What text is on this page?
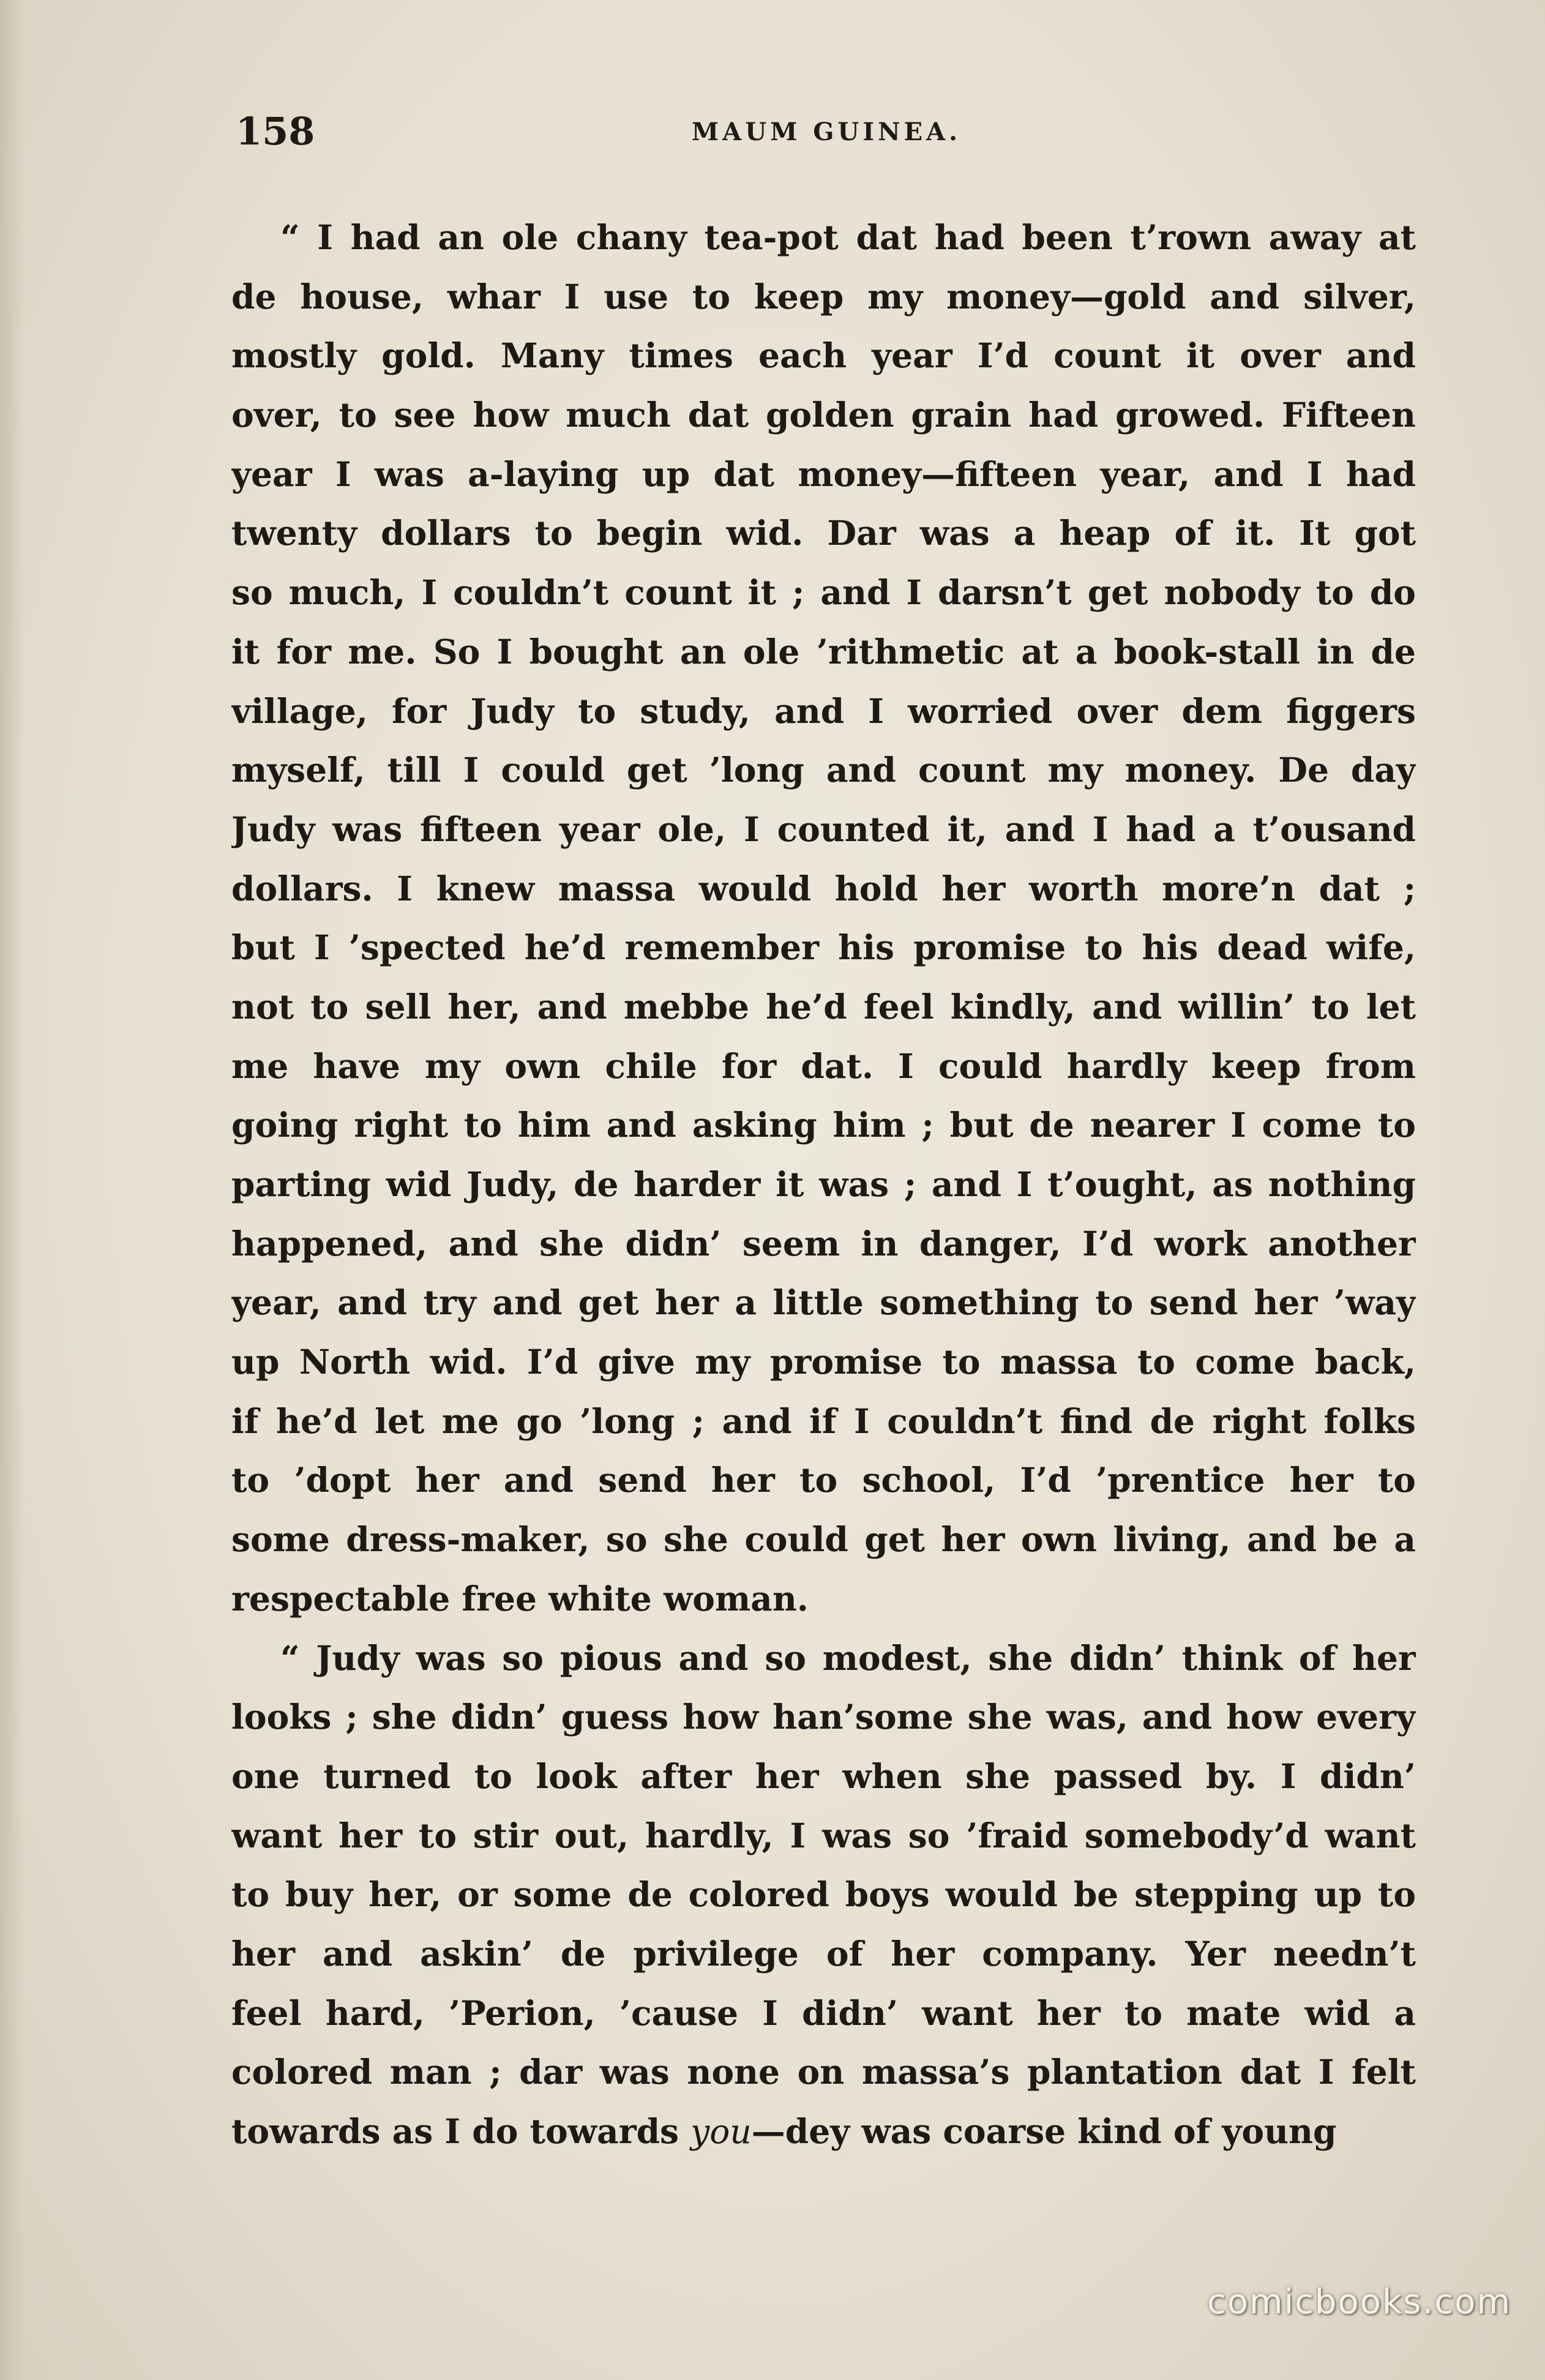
158	MAUM GUINEA.
“ I had an ole chany tea-pot dat had been t’rown away at
de house, whar I use to keep my money—gold and silver,
mostly gold. Many times each year I’d count it over and
over, to see how much dat golden grain had growed. Fifteen
year I was a-laying up dat money—fifteen year, and I had
twenty dollars to begin wid. Dar was a heap of it. It got
so much, I couldn’t count it ; and I darsn’t get nobody to do
it for me. So I bought an ole ’rithmetic at a book-stall in de
village, for Judy to study, and I worried over dem figgers
myself, till I could get ’long and count my money. De day
Judy was fifteen year ole, I counted it, and I had a t’ousand
dollars. I knew massa would hold her worth more’n dat ;
but I ’spected he’d remember his promise to his dead wife,
not to sell her, and mebbe he’d feel kindly, and willin’ to let
me have my own chile for dat. I could hardly keep from
going right to him and asking him ; but de nearer I come to
parting wid Judy, de harder it was ; and I t’ought, as nothing
happened, and she didn’ seem in danger, I’d work another
year, and try and get her a little something to send her ’way
up North wid. I’d give my promise to massa to come back,
if he’d let me go ’long ; and if I couldn’t find de right folks
to ’dopt her and send her to school, I’d ’prentice her to
some dress-maker, so she could get her own living, and be a
respectable free white woman.
“ Judy was so pious and so modest, she didn’ think of her
looks ; she didn’ guess how han’some she was, and how every
one turned to look after her when she passed by. I didn’
want her to stir out, hardly, I was so ’fraid somebody’d want
to buy her, or some de colored boys would be stepping up to
her and askin’ de privilege of her company. Yer needn’t
feel hard, ’Perion, ’cause I didn’ want her to mate wid a
colored man ; dar was none on massa’s plantation dat I felt
towards as I do towards you—dey was coarse kind of young
comicbooks.com
